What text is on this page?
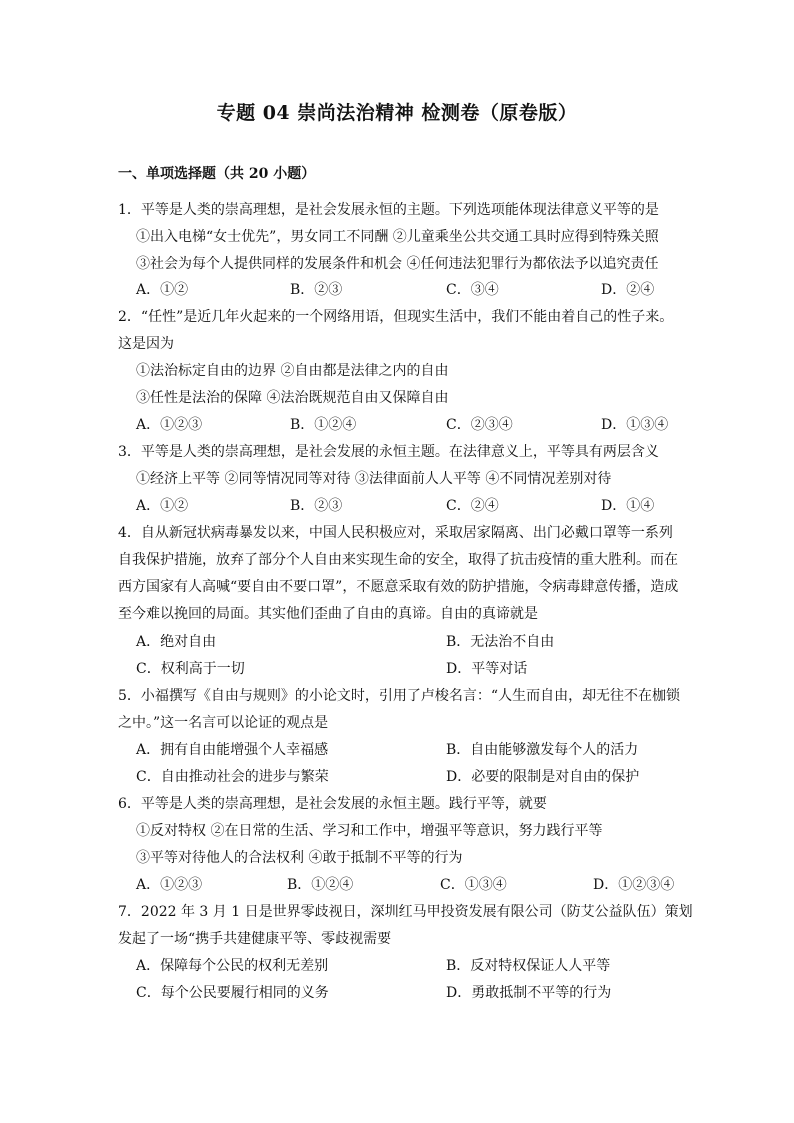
专题 04 崇尚法治精神 检测卷（原卷版）
一、单项选择题（共 20 小题）
1．平等是人类的崇高理想，是社会发展永恒的主题。下列选项能体现法律意义平等的是
①出入电梯“女士优先”，男女同工不同酬 ②儿童乘坐公共交通工具时应得到特殊关照
③社会为每个人提供同样的发展条件和机会 ④任何违法犯罪行为都依法予以追究责任
A．①②	B．②③	C．③④	D．②④
2．“任性”是近几年火起来的一个网络用语，但现实生活中，我们不能由着自己的性子来。
这是因为
①法治标定自由的边界 ②自由都是法律之内的自由
③任性是法治的保障 ④法治既规范自由又保障自由
A．①②③	B．①②④	C．②③④	D．①③④
3．平等是人类的崇高理想，是社会发展的永恒主题。在法律意义上，平等具有两层含义
①经济上平等 ②同等情况同等对待 ③法律面前人人平等 ④不同情况差别对待
A．①②	B．②③	C．②④	D．①④
4．自从新冠状病毒暴发以来，中国人民积极应对，采取居家隔离、出门必戴口罩等一系列
自我保护措施，放弃了部分个人自由来实现生命的安全，取得了抗击疫情的重大胜利。而在
西方国家有人高喊“要自由不要口罩”，不愿意采取有效的防护措施，令病毒肆意传播，造成
至今难以挽回的局面。其实他们歪曲了自由的真谛。自由的真谛就是
A．绝对自由	B．无法治不自由
C．权利高于一切	D．平等对话
5．小福撰写《自由与规则》的小论文时，引用了卢梭名言：“人生而自由，却无往不在枷锁
之中。”这一名言可以论证的观点是
A．拥有自由能增强个人幸福感	B．自由能够激发每个人的活力
C．自由推动社会的进步与繁荣	D．必要的限制是对自由的保护
6．平等是人类的崇高理想，是社会发展的永恒主题。践行平等，就要
①反对特权 ②在日常的生活、学习和工作中，增强平等意识，努力践行平等
③平等对待他人的合法权利 ④敢于抵制不平等的行为
A．①②③	B．①②④	C．①③④	D．①②③④
7．2022 年 3 月 1 日是世界零歧视日，深圳红马甲投资发展有限公司（防艾公益队伍）策划
发起了一场“携手共建健康平等、零歧视需要
A．保障每个公民的权利无差别	B．反对特权保证人人平等
C．每个公民要履行相同的义务	D．勇敢抵制不平等的行为
